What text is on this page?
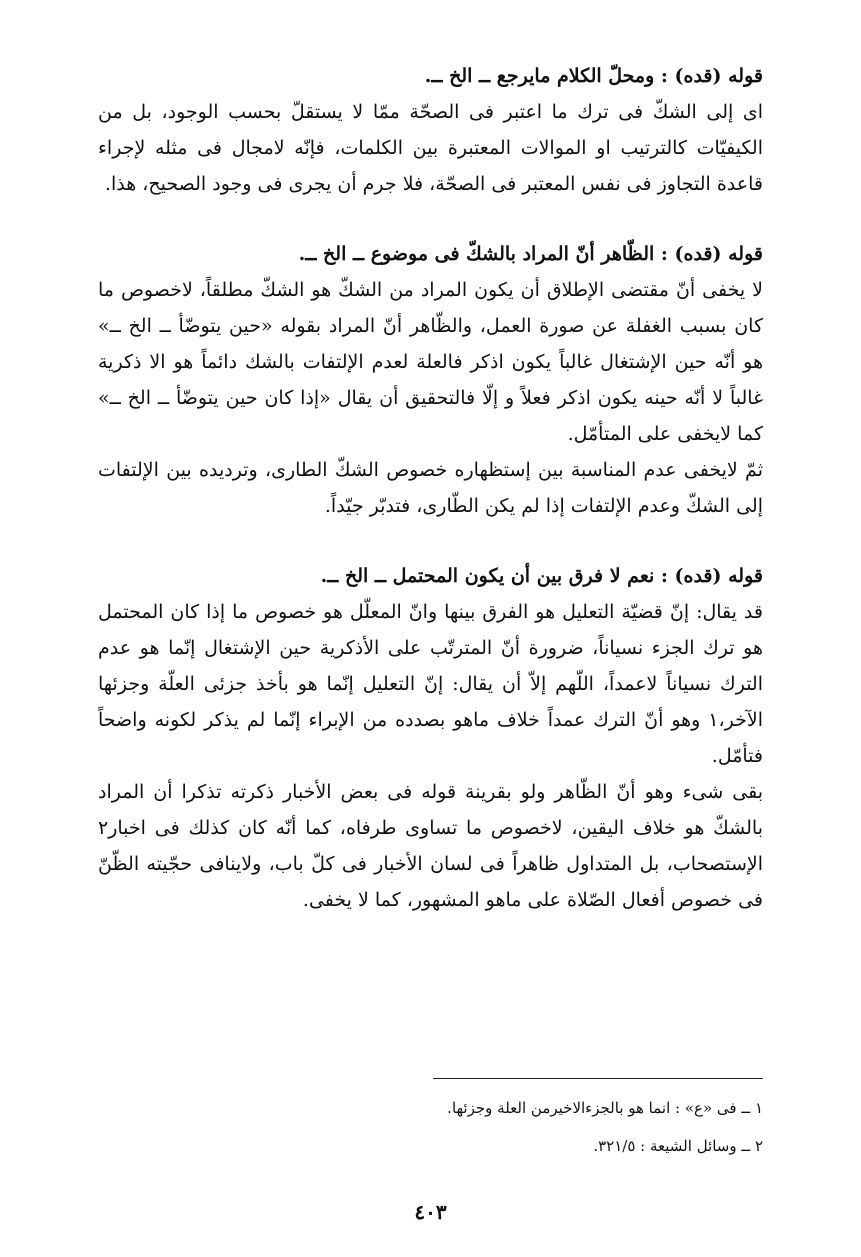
قوله (قده) : ومحلّ الكلام مايرجع ــ الخ ــ.

اى إلى الشكّ فى ترك ما اعتبر فى الصحّة ممّا لا يستقلّ بحسب الوجود، بل من الكيفيّات كالترتيب او الموالات المعتبرة بين الكلمات، فإنّه لامجال فى مثله لإجراء قاعدة التجاوز فى نفس المعتبر فى الصحّة، فلا جرم أن يجرى فى وجود الصحيح، هذا.

قوله (قده) : الظّاهر أنّ المراد بالشكّ فى موضوع ــ الخ ــ.

لا يخفى أنّ مقتضى الإطلاق أن يكون المراد من الشكّ هو الشكّ مطلقاً، لاخصوص ما كان بسبب الغفلة عن صورة العمل، والظّاهر أنّ المراد بقوله «حين يتوضّأ ــ الخ ــ» هو أنّه حين الإشتغال غالباً يكون اذكر فالعلة لعدم الإلتفات بالشك دائماً هو الا ذكرية غالباً لا أنّه حينه يكون اذكر فعلاً و إلّا فالتحقيق أن يقال «إذا كان حين يتوضّأ ــ الخ ــ» كما لايخفى على المتأمّل.

ثمّ لايخفى عدم المناسبة بين إستظهاره خصوص الشكّ الطارى، وترديده بين الإلتفات إلى الشكّ وعدم الإلتفات إذا لم يكن الطّارى، فتدبّر جيّداً.

قوله (قده) : نعم لا فرق بين أن يكون المحتمل ــ الخ ــ.

قد يقال: إنّ قضيّة التعليل هو الفرق بينها وانّ المعلّل هو خصوص ما إذا كان المحتمل هو ترك الجزء نسياناً، ضرورة أنّ المترتّب على الأذكرية حين الإشتغال إنّما هو عدم الترك نسياناً لاعمداً، اللّهم إلاّ أن يقال: إنّ التعليل إنّما هو بأخذ جزئى العلّة وجزئها الآخر،١ وهو أنّ الترك عمداً خلاف ماهو بصدده من الإبراء إنّما لم يذكر لكونه واضحاً فتأمّل.

بقى شىء وهو أنّ الظّاهر ولو بقرينة قوله فى بعض الأخبار ذكرته تذكرا أن المراد بالشكّ هو خلاف اليقين، لاخصوص ما تساوى طرفاه، كما أنّه كان كذلك فى اخبار٢ الإستصحاب، بل المتداول ظاهراً فى لسان الأخبار فى كلّ باب، ولاينافى حجّيته الظّنّ فى خصوص أفعال الصّلاة على ماهو المشهور، كما لا يخفى.

١ ــ فى «ع» : انما هو بالجزءالاخيرمن العلة وجزئها.

٢ ــ وسائل الشيعة : ٣٢١/٥.

٤٠٣
